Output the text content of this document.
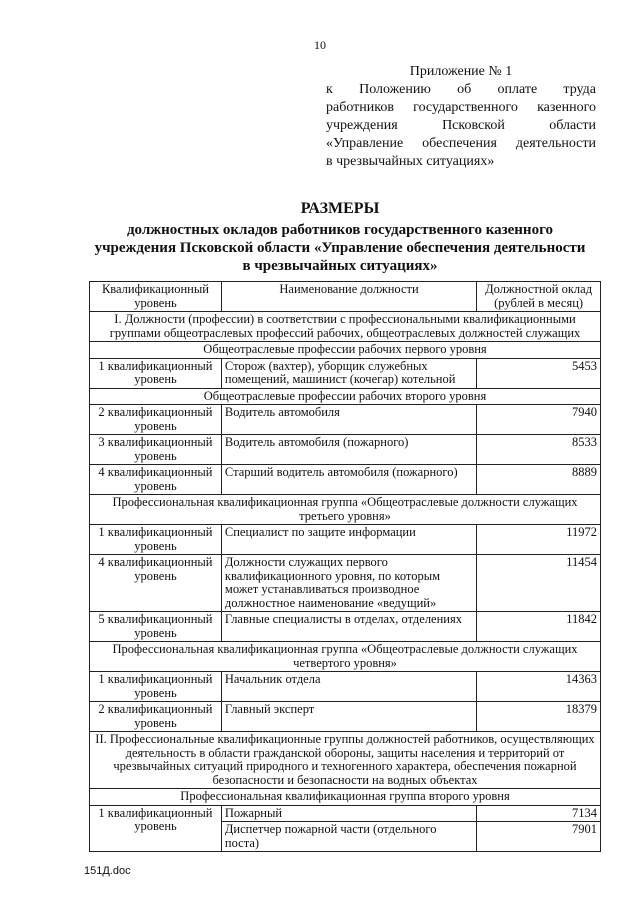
10
Приложение № 1
к Положению об оплате труда
работников государственного казенного
учреждения Псковской области
«Управление обеспечения деятельности
в чрезвычайных ситуациях»
РАЗМЕРЫ
должностных окладов работников государственного казенного
учреждения Псковской области «Управление обеспечения деятельности
в чрезвычайных ситуациях»
Квалификационный уровень	Наименование должности	Должностной оклад (рублей в месяц)
I. Должности (профессии) в соответствии с профессиональными квалификационными группами общеотраслевых профессий рабочих, общеотраслевых должностей служащих		
Общеотраслевые профессии рабочих первого уровня		
1 квалификационный уровень	Сторож (вахтер), уборщик служебных помещений, машинист (кочегар) котельной	5453
Общеотраслевые профессии рабочих второго уровня		
2 квалификационный уровень	Водитель автомобиля	7940
3 квалификационный уровень	Водитель автомобиля (пожарного)	8533
4 квалификационный уровень	Старший водитель автомобиля (пожарного)	8889
Профессиональная квалификационная группа «Общеотраслевые должности служащих третьего уровня»		
1 квалификационный уровень	Специалист по защите информации	11972
4 квалификационный уровень	Должности служащих первого квалификационного уровня, по которым может устанавливаться производное должностное наименование «ведущий»	11454
5 квалификационный уровень	Главные специалисты в отделах, отделениях	11842
Профессиональная квалификационная группа «Общеотраслевые должности служащих четвертого уровня»		
1 квалификационный уровень	Начальник отдела	14363
2 квалификационный уровень	Главный эксперт	18379
II. Профессиональные квалификационные группы должностей работников, осуществляющих деятельность в области гражданской обороны, защиты населения и территорий от чрезвычайных ситуаций природного и техногенного характера, обеспечения пожарной безопасности и безопасности на водных объектах		
Профессиональная квалификационная группа второго уровня		
1 квалификационный уровень	Пожарный	7134
	Диспетчер пожарной части (отдельного поста)	7901
151Д.doc
